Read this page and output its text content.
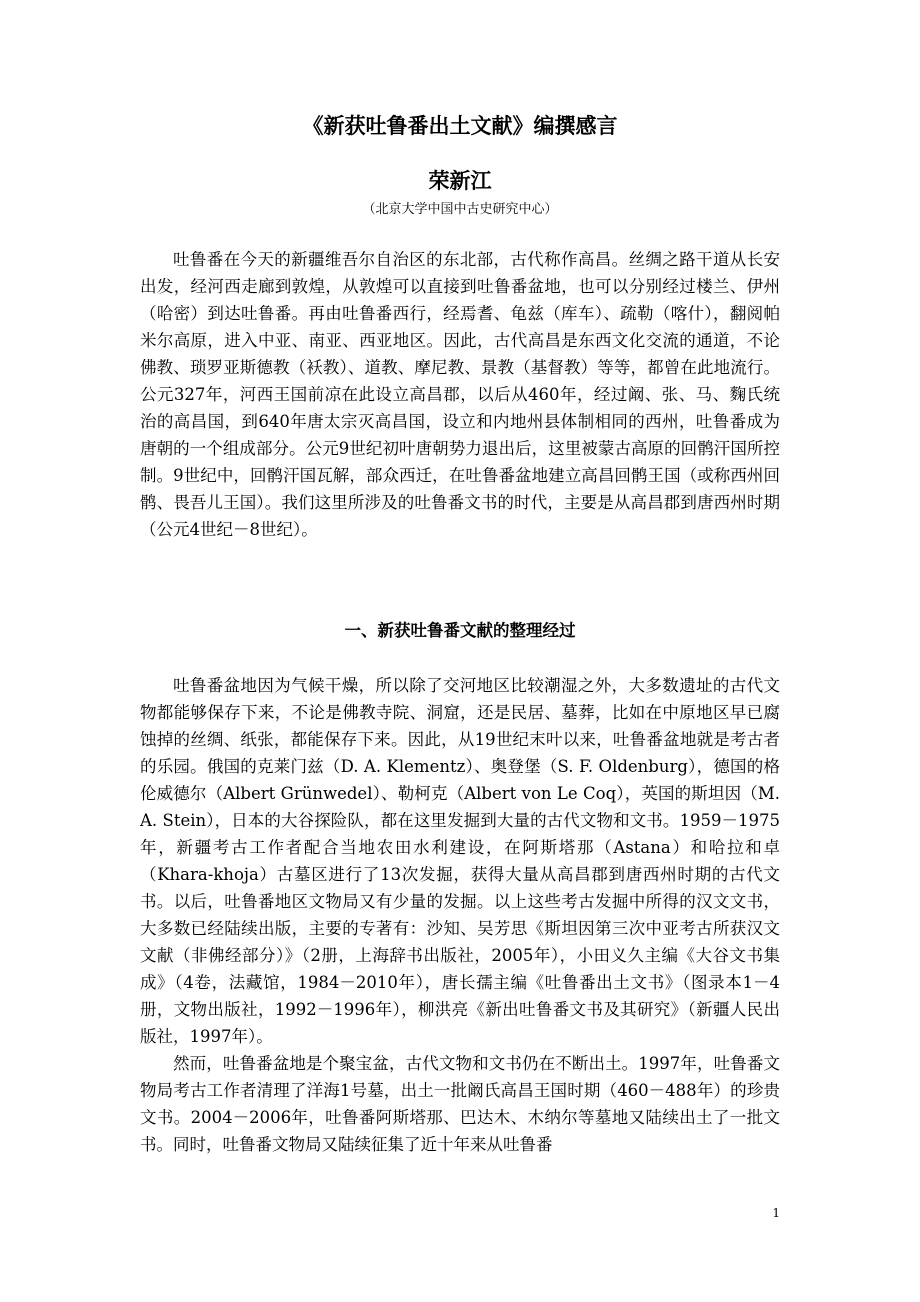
《新获吐鲁番出土文献》编撰感言
荣新江
（北京大学中国中古史研究中心）

吐鲁番在今天的新疆维吾尔自治区的东北部，古代称作高昌。丝绸之路干道从长安出发，经河西走廊到敦煌，从敦煌可以直接到吐鲁番盆地，也可以分别经过楼兰、伊州（哈密）到达吐鲁番。再由吐鲁番西行，经焉耆、龟兹（库车）、疏勒（喀什），翻阅帕米尔高原，进入中亚、南亚、西亚地区。因此，古代高昌是东西文化交流的通道，不论佛教、琐罗亚斯德教（袄教）、道教、摩尼教、景教（基督教）等等，都曾在此地流行。公元327年，河西王国前凉在此设立高昌郡，以后从460年，经过阚、张、马、麴氏统治的高昌国，到640年唐太宗灭高昌国，设立和内地州县体制相同的西州，吐鲁番成为唐朝的一个组成部分。公元9世纪初叶唐朝势力退出后，这里被蒙古高原的回鹘汗国所控制。9世纪中，回鹘汗国瓦解，部众西迁，在吐鲁番盆地建立高昌回鹘王国（或称西州回鹘、畏吾儿王国）。我们这里所涉及的吐鲁番文书的时代，主要是从高昌郡到唐西州时期（公元4世纪－8世纪）。

一、新获吐鲁番文献的整理经过

吐鲁番盆地因为气候干燥，所以除了交河地区比较潮湿之外，大多数遗址的古代文物都能够保存下来，不论是佛教寺院、洞窟，还是民居、墓葬，比如在中原地区早已腐蚀掉的丝绸、纸张，都能保存下来。因此，从19世纪末叶以来，吐鲁番盆地就是考古者的乐园。俄国的克莱门兹（D. A. Klementz）、奥登堡（S. F. Oldenburg），德国的格伦威德尔（Albert Grünwedel）、勒柯克（Albert von Le Coq），英国的斯坦因（M. A. Stein），日本的大谷探险队，都在这里发掘到大量的古代文物和文书。1959－1975年，新疆考古工作者配合当地农田水利建设，在阿斯塔那（Astana）和哈拉和卓（Khara-khoja）古墓区进行了13次发掘，获得大量从高昌郡到唐西州时期的古代文书。以后，吐鲁番地区文物局又有少量的发掘。以上这些考古发掘中所得的汉文文书，大多数已经陆续出版，主要的专著有：沙知、吴芳思《斯坦因第三次中亚考古所获汉文文献（非佛经部分）》（2册，上海辞书出版社，2005年），小田义久主编《大谷文书集成》（4卷，法藏馆，1984－2010年），唐长孺主编《吐鲁番出土文书》（图录本1－4册，文物出版社，1992－1996年），柳洪亮《新出吐鲁番文书及其研究》（新疆人民出版社，1997年）。

然而，吐鲁番盆地是个聚宝盆，古代文物和文书仍在不断出土。1997年，吐鲁番文物局考古工作者清理了洋海1号墓，出土一批阚氏高昌王国时期（460－488年）的珍贵文书。2004－2006年，吐鲁番阿斯塔那、巴达木、木纳尔等墓地又陆续出土了一批文书。同时，吐鲁番文物局又陆续征集了近十年来从吐鲁番

1
